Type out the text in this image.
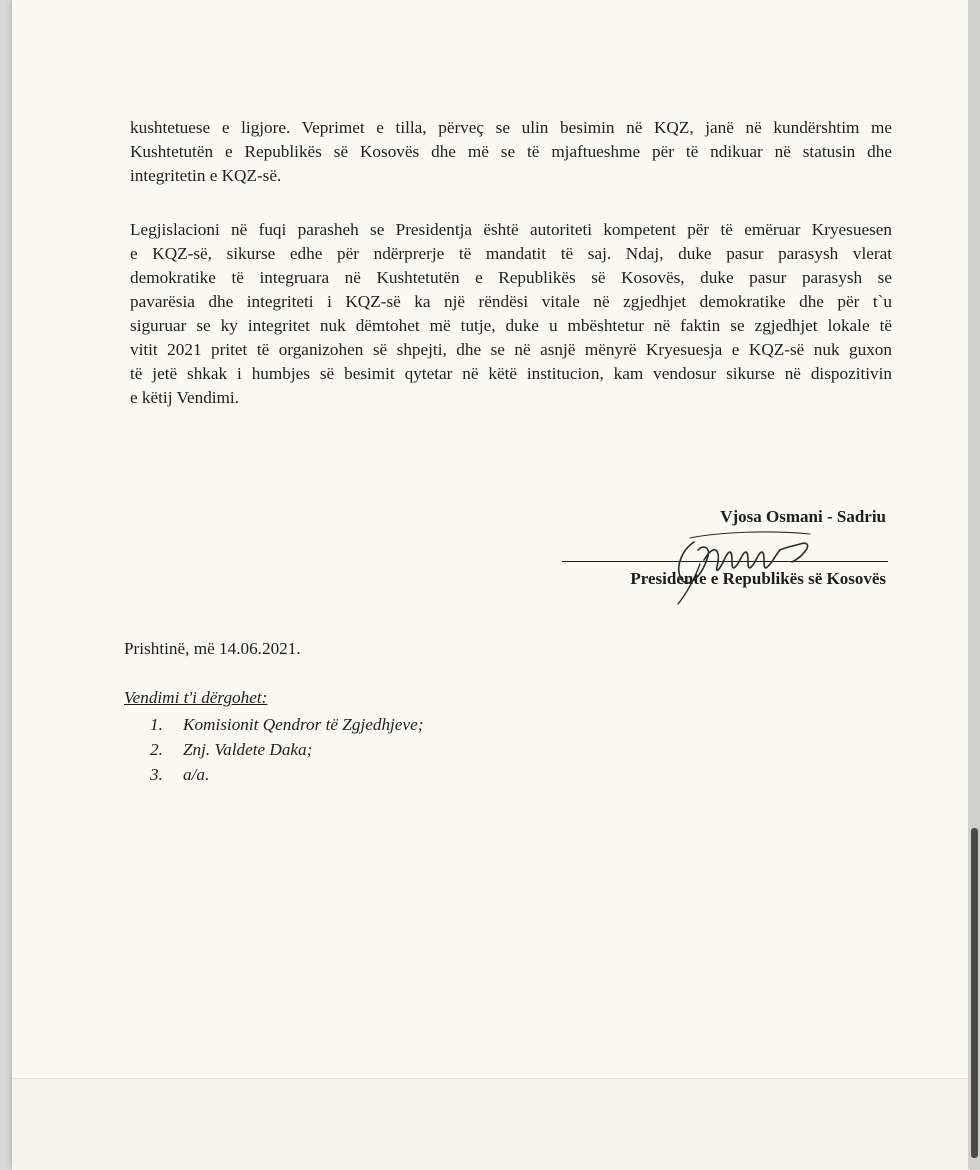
kushtetuese e ligjore. Veprimet e tilla, përveç se ulin besimin në KQZ, janë në kundërshtim me
Kushtetutën e Republikës së Kosovës dhe më se të mjaftueshme për të ndikuar në statusin dhe
integritetin e KQZ-së.
Legjislacioni në fuqi parasheh se Presidentja është autoriteti kompetent për të emëruar Kryesuesen
e KQZ-së, sikurse edhe për ndërprerje të mandatit të saj. Ndaj, duke pasur parasysh vlerat
demokratike të integruara në Kushtetutën e Republikës së Kosovës, duke pasur parasysh se
pavarësia dhe integriteti i KQZ-së ka një rëndësi vitale në zgjedhjet demokratike dhe për t`u
siguruar se ky integritet nuk dëmtohet më tutje, duke u mbështetur në faktin se zgjedhjet lokale të
vitit 2021 pritet të organizohen së shpejti, dhe se në asnjë mënyrë Kryesuesja e KQZ-së nuk guxon
të jetë shkak i humbjes së besimit qytetar në këtë institucion, kam vendosur sikurse në dispozitivin
e këtij Vendimi.
Vjosa Osmani - Sadriu
Presidente e Republikës së Kosovës
Prishtinë, më 14.06.2021.
Vendimi t'i dërgohet:
1. Komisionit Qendror të Zgjedhjeve;
2. Znj. Valdete Daka;
3. a/a.
